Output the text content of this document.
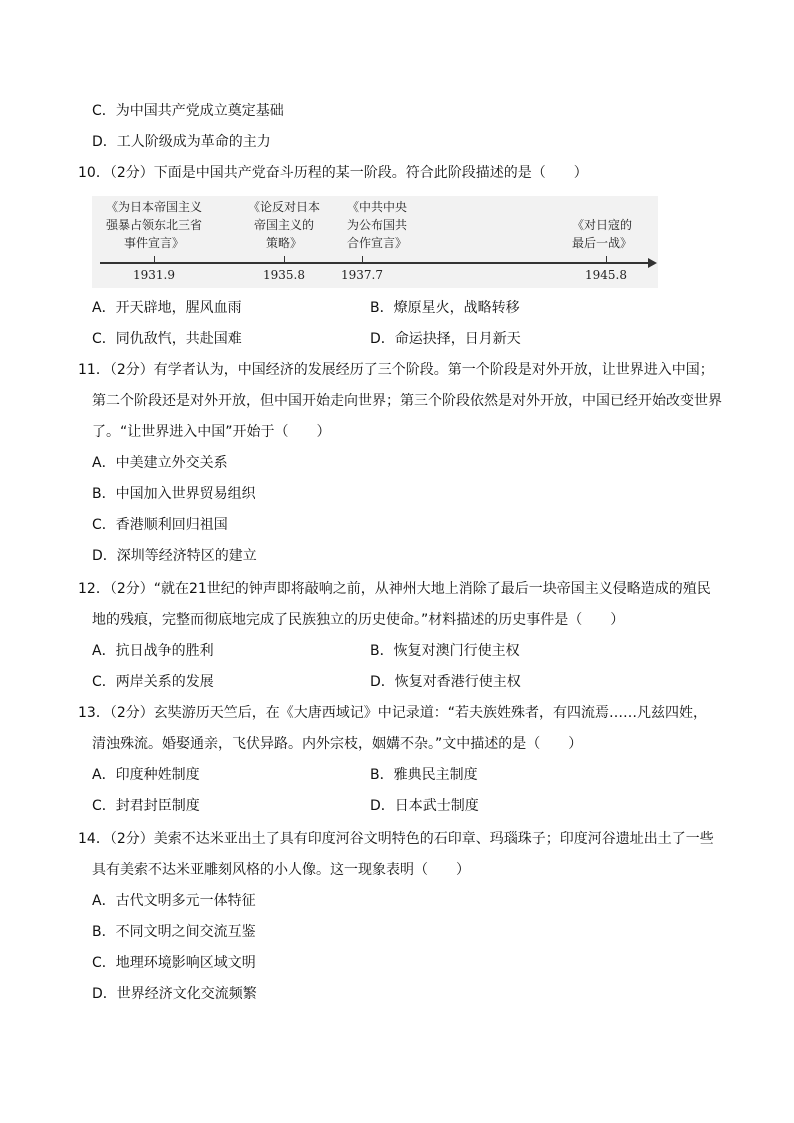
C．为中国共产党成立奠定基础
D．工人阶级成为革命的主力
10．（2分）下面是中国共产党奋斗历程的某一阶段。符合此阶段描述的是（　　）
《为日本帝国主义
强暴占领东北三省
事件宣言》
《论反对日本
帝国主义的
策略》
《中共中央
为公布国共
合作宣言》
《对日寇的
最后一战》
1931.9	1935.8	1937.7	1945.8
A．开天辟地，腥风血雨	B．燎原星火，战略转移
C．同仇敌忾，共赴国难	D．命运抉择，日月新天
11．（2分）有学者认为，中国经济的发展经历了三个阶段。第一个阶段是对外开放，让世界进入中国；
第二个阶段还是对外开放，但中国开始走向世界；第三个阶段依然是对外开放，中国已经开始改变世界
了。“让世界进入中国”开始于（　　）
A．中美建立外交关系
B．中国加入世界贸易组织
C．香港顺利回归祖国
D．深圳等经济特区的建立
12．（2分）“就在21世纪的钟声即将敲响之前，从神州大地上消除了最后一块帝国主义侵略造成的殖民
地的残痕，完整而彻底地完成了民族独立的历史使命。”材料描述的历史事件是（　　）
A．抗日战争的胜利	B．恢复对澳门行使主权
C．两岸关系的发展	D．恢复对香港行使主权
13．（2分）玄奘游历天竺后，在《大唐西域记》中记录道：“若夫族姓殊者，有四流焉……凡兹四姓，
清浊殊流。婚娶通亲，飞伏异路。内外宗枝，姻媾不杂。”文中描述的是（　　）
A．印度种姓制度	B．雅典民主制度
C．封君封臣制度	D．日本武士制度
14．（2分）美索不达米亚出土了具有印度河谷文明特色的石印章、玛瑙珠子；印度河谷遗址出土了一些
具有美索不达米亚雕刻风格的小人像。这一现象表明（　　）
A．古代文明多元一体特征
B．不同文明之间交流互鉴
C．地理环境影响区域文明
D．世界经济文化交流频繁
